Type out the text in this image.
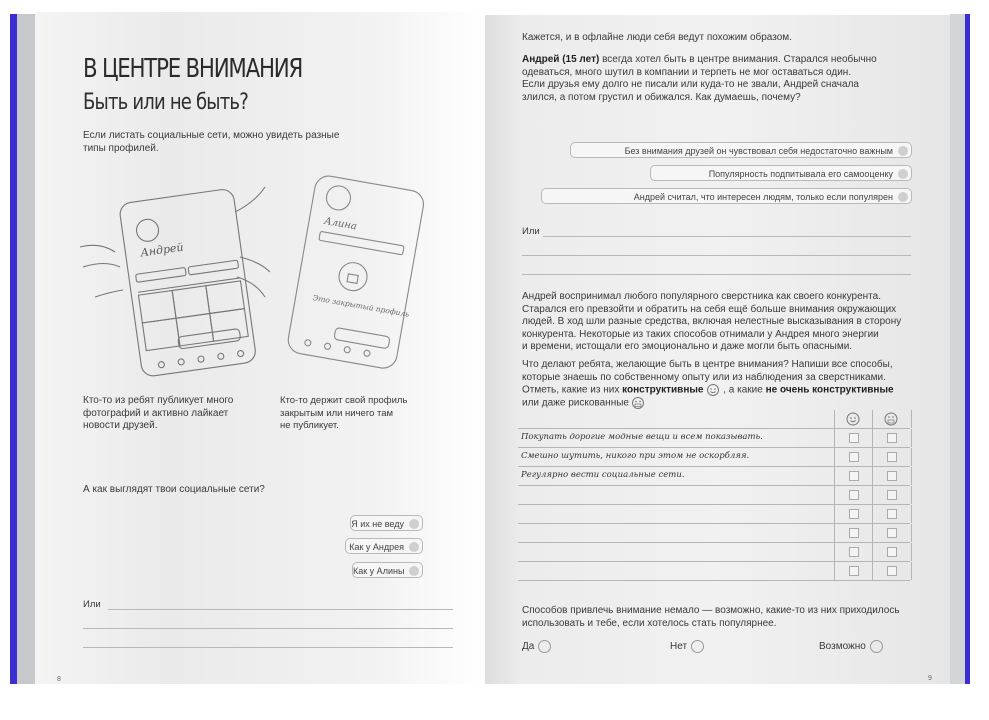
В ЦЕНТРЕ ВНИМАНИЯ
Быть или не быть?
Если листать социальные сети, можно увидеть разные
типы профилей.
Андрей
Алина
Это закрытый профиль
Кто-то из ребят публикует много
фотографий и активно лайкает
новости друзей.
Кто-то держит свой профиль
закрытым или ничего там
не публикует.
А как выглядят твои социальные сети?
Я их не веду
Как у Андрея
Как у Алины
Или
8
Кажется, и в офлайне люди себя ведут похожим образом.
Андрей (15 лет) всегда хотел быть в центре внимания. Старался необычно
одеваться, много шутил в компании и терпеть не мог оставаться один.
Если друзья ему долго не писали или куда-то не звали, Андрей сначала
злился, а потом грустил и обижался. Как думаешь, почему?
Без внимания друзей он чувствовал себя недостаточно важным
Популярность подпитывала его самооценку
Андрей считал, что интересен людям, только если популярен
Или
Андрей воспринимал любого популярного сверстника как своего конкурента.
Старался его превзойти и обратить на себя ещё больше внимания окружающих
людей. В ход шли разные средства, включая нелестные высказывания в сторону
конкурента. Некоторые из таких способов отнимали у Андрея много энергии
и времени, истощали его эмоционально и даже могли быть опасными.
Что делают ребята, желающие быть в центре внимания? Напиши все способы,
которые знаешь по собственному опыту или из наблюдения за сверстниками.
Отметь, какие из них конструктивные , а какие не очень конструктивные
или даже рискованные
Покупать дорогие модные вещи и всем показывать.
Смешно шутить, никого при этом не оскорбляя.
Регулярно вести социальные сети.
Способов привлечь внимание немало — возможно, какие-то из них приходилось
использовать и тебе, если хотелось стать популярнее.
Да	Нет	Возможно
9
